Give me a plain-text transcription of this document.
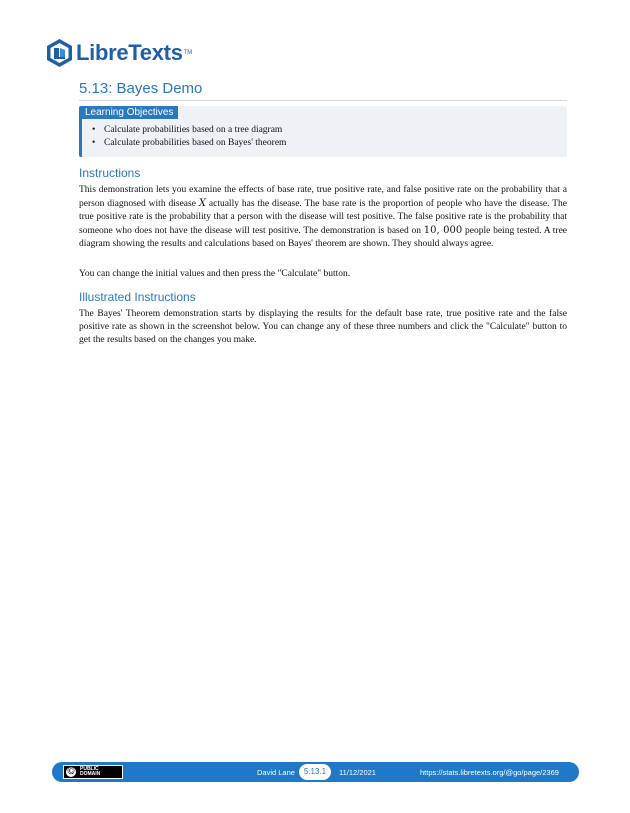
LibreTexts TM
5.13: Bayes Demo
Learning Objectives
• Calculate probabilities based on a tree diagram
• Calculate probabilities based on Bayes' theorem
Instructions

This demonstration lets you examine the effects of base rate, true positive rate, and false positive rate on the probability that a person diagnosed with disease X actually has the disease. The base rate is the proportion of people who have the disease. The true positive rate is the probability that a person with the disease will test positive. The false positive rate is the probability that someone who does not have the disease will test positive. The demonstration is based on 10, 000 people being tested. A tree diagram showing the results and calculations based on Bayes' theorem are shown. They should always agree.

You can change the initial values and then press the "Calculate" button.

Illustrated Instructions

The Bayes' Theorem demonstration starts by displaying the results for the default base rate, true positive rate and the false positive rate as shown in the screenshot below. You can change any of these three numbers and click the "Calculate" button to get the results based on the changes you make.

Ⓒ	PUBLIC
DOMAIN	David Lane	5.13.1	11/12/2021	https://stats.libretexts.org/@go/page/2369
